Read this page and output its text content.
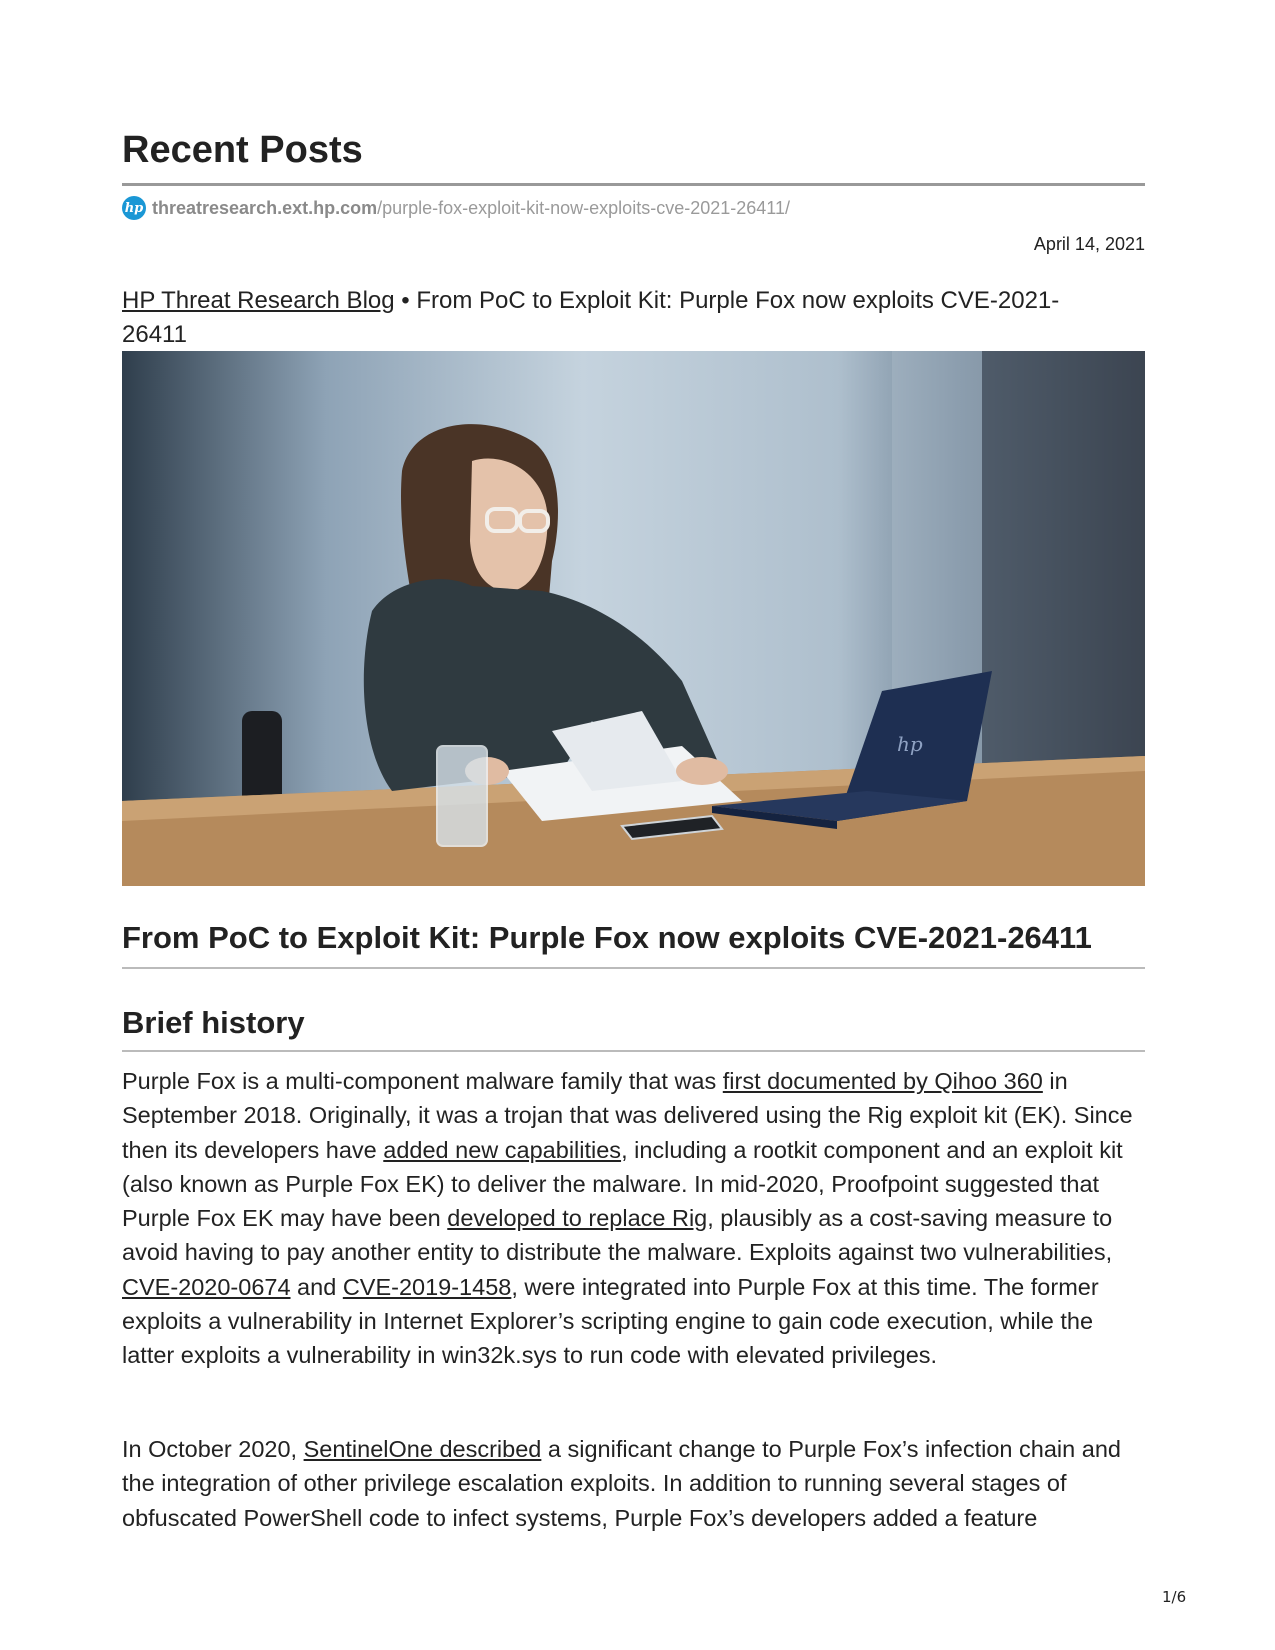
Recent Posts
hp threatresearch.ext.hp.com /purple-fox-exploit-kit-now-exploits-cve-2021-26411/
April 14, 2021
HP Threat Research Blog • From PoC to Exploit Kit: Purple Fox now exploits CVE-2021-26411
hp
From PoC to Exploit Kit: Purple Fox now exploits CVE-2021-26411
Brief history

Purple Fox is a multi-component malware family that was first documented by Qihoo 360 in September 2018. Originally, it was a trojan that was delivered using the Rig exploit kit (EK). Since then its developers have added new capabilities, including a rootkit component and an exploit kit (also known as Purple Fox EK) to deliver the malware. In mid-2020, Proofpoint suggested that Purple Fox EK may have been developed to replace Rig, plausibly as a cost-saving measure to avoid having to pay another entity to distribute the malware. Exploits against two vulnerabilities, CVE-2020-0674 and CVE-2019-1458, were integrated into Purple Fox at this time. The former exploits a vulnerability in Internet Explorer’s scripting engine to gain code execution, while the latter exploits a vulnerability in win32k.sys to run code with elevated privileges.

In October 2020, SentinelOne described a significant change to Purple Fox’s infection chain and the integration of other privilege escalation exploits. In addition to running several stages of obfuscated PowerShell code to infect systems, Purple Fox’s developers added a feature

1/6
